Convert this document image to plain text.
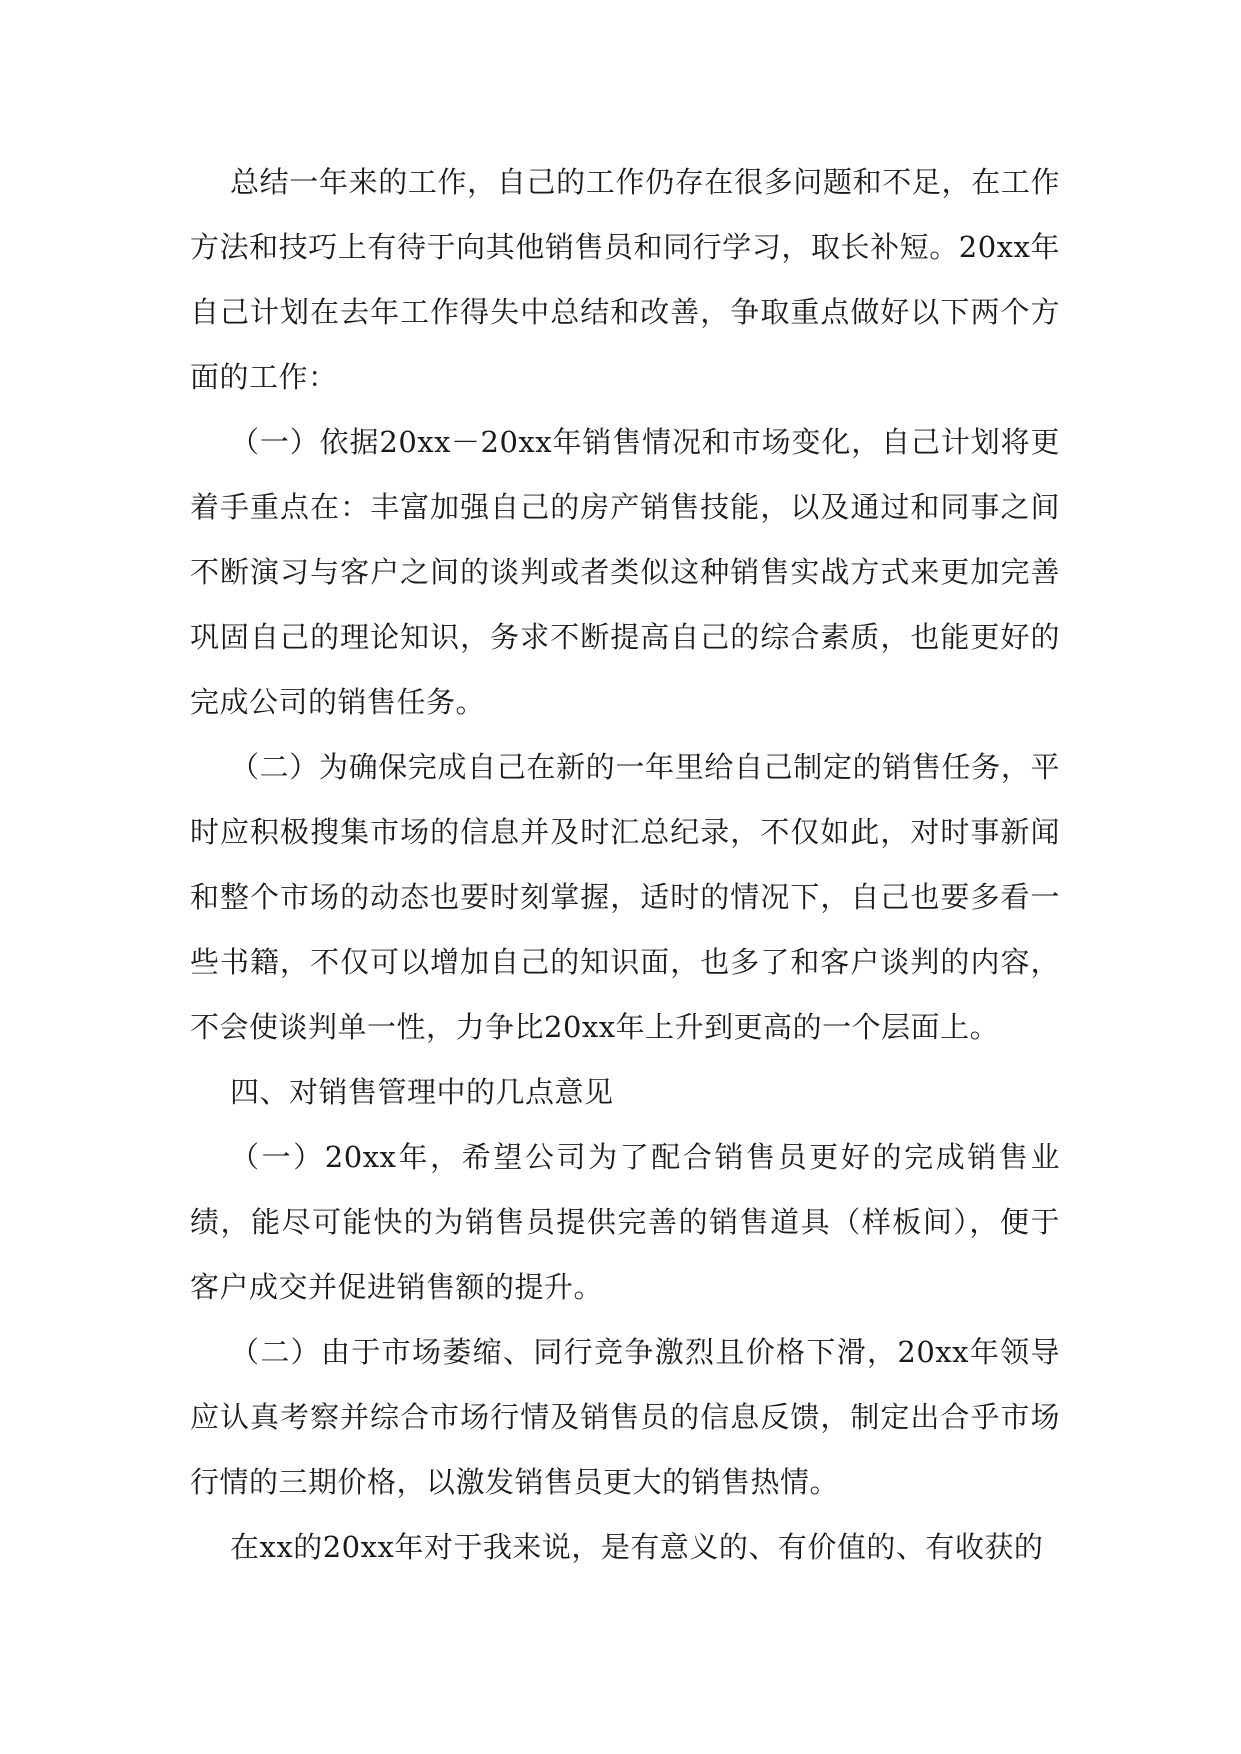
总结一年来的工作，自己的工作仍存在很多问题和不足，在工作方法和技巧上有待于向其他销售员和同行学习，取长补短。20xx年自己计划在去年工作得失中总结和改善，争取重点做好以下两个方面的工作：

（一）依据20xx－20xx年销售情况和市场变化，自己计划将更着手重点在：丰富加强自己的房产销售技能，以及通过和同事之间不断演习与客户之间的谈判或者类似这种销售实战方式来更加完善巩固自己的理论知识，务求不断提高自己的综合素质，也能更好的完成公司的销售任务。

（二）为确保完成自己在新的一年里给自己制定的销售任务，平时应积极搜集市场的信息并及时汇总纪录，不仅如此，对时事新闻和整个市场的动态也要时刻掌握，适时的情况下，自己也要多看一些书籍，不仅可以增加自己的知识面，也多了和客户谈判的内容，不会使谈判单一性，力争比20xx年上升到更高的一个层面上。

四、对销售管理中的几点意见

（一）20xx年，希望公司为了配合销售员更好的完成销售业绩，能尽可能快的为销售员提供完善的销售道具（样板间），便于客户成交并促进销售额的提升。

（二）由于市场萎缩、同行竞争激烈且价格下滑，20xx年领导应认真考察并综合市场行情及销售员的信息反馈，制定出合乎市场行情的三期价格，以激发销售员更大的销售热情。

在xx的20xx年对于我来说，是有意义的、有价值的、有收获的
